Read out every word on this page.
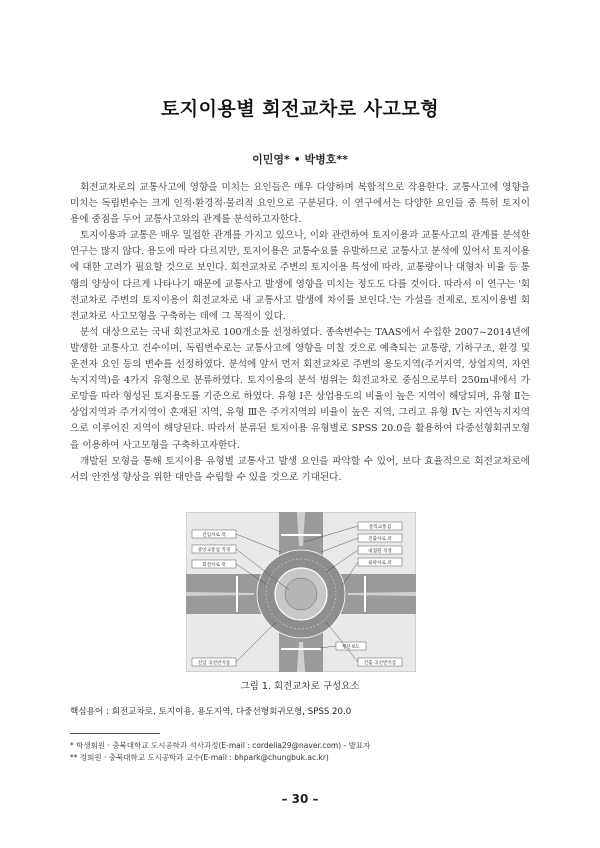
토지이용별 회전교차로 사고모형
이민영* • 박병호**

회전교차로의 교통사고에 영향을 미치는 요인들은 매우 다양하며 복합적으로 작용한다. 교통사고에 영향을 미치는 독립변수는 크게 인적·환경적·물리적 요인으로 구분된다. 이 연구에서는 다양한 요인들 중 특히 토지이용에 중점을 두어 교통사고와의 관계를 분석하고자한다.

토지이용과 교통은 매우 밀접한 관계를 가지고 있으나, 이와 관련하여 토지이용과 교통사고의 관계를 분석한 연구는 많지 않다. 용도에 따라 다르지만, 토지이용은 교통수요를 유발하므로 교통사고 분석에 있어서 토지이용에 대한 고려가 필요할 것으로 보인다. 회전교차로 주변의 토지이용 특성에 따라, 교통량이나 대형차 비율 등 통행의 양상이 다르게 나타나기 때문에 교통사고 발생에 영향을 미치는 정도도 다를 것이다. 따라서 이 연구는 '회전교차로 주변의 토지이용이 회전교차로 내 교통사고 발생에 차이를 보인다.'는 가설을 전제로, 토지이용별 회전교차로 사고모형을 구축하는 데에 그 목적이 있다.

분석 대상으로는 국내 회전교차로 100개소를 선정하였다. 종속변수는 TAAS에서 수집한 2007~2014년에 발생한 교통사고 건수이며, 독립변수로는 교통사고에 영향을 미칠 것으로 예측되는 교통량, 기하구조, 환경 및 운전자 요인 등의 변수를 선정하였다. 분석에 앞서 먼저 회전교차로 주변의 용도지역(주거지역, 상업지역, 자연녹지지역)을 4가지 유형으로 분류하였다. 토지이용의 분석 범위는 회전교차로 중심으로부터 250m내에서 가로망을 따라 형성된 토지용도를 기준으로 하였다. 유형 Ⅰ은 상업용도의 비율이 높은 지역이 해당되며, 유형 Ⅱ는 상업지역과 주거지역이 혼재된 지역, 유형 Ⅲ은 주거지역의 비율이 높은 지역, 그리고 유형 Ⅳ는 자연녹지지역으로 이루어진 지역이 해당된다. 따라서 분류된 토지이용 유형별로 SPSS 20.0을 활용하여 다중선형회귀모형을 이용하여 사고모형을 구축하고자한다.

개발된 모형을 통해 토지이용 유형별 교통사고 발생 요인을 파악할 수 있어, 보다 효율적으로 회전교차로에서의 안전성 향상을 위한 대안을 수립할 수 있을 것으로 기대된다.

진입차로 폭
중앙교통섬 직경
회전차로 폭
분리교통섬
진출차로 폭
내접원 직경
외곽차로 폭
진입 곡선반지름
횡단보도
진출 곡선반지름
그림 1. 회전교차로 구성요소
핵심용어 : 회전교차로, 토지이용, 용도지역, 다중선형회귀모형, SPSS 20.0
* 학생회원 · 충북대학교 도시공학과 석사과정(E-mail : cordelia29@naver.com) - 발표자
** 정회원 · 충북대학교 도시공학과 교수(E-mail : bhpark@chungbuk.ac.kr)
– 30 –
